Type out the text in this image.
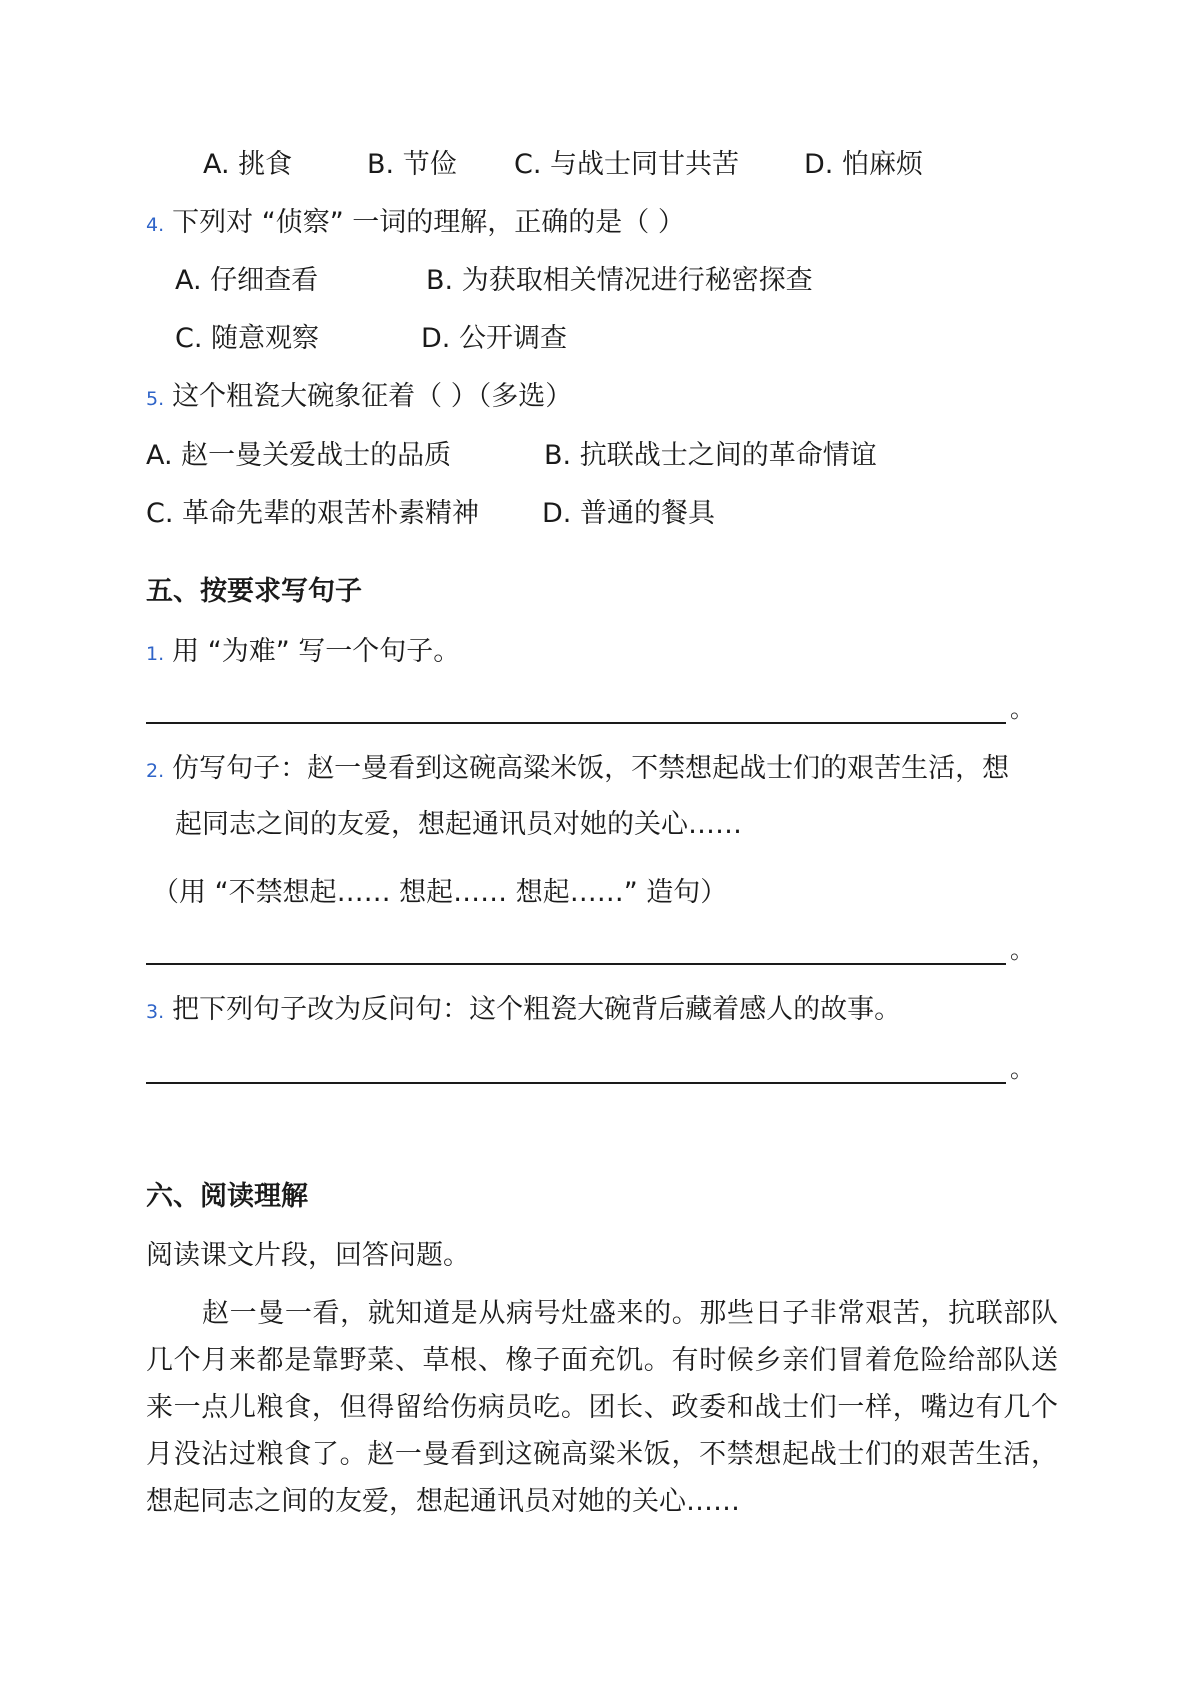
A. 挑食	B. 节俭 C. 与战士同甘共苦 D. 怕麻烦
4. 下列对 “侦察” 一词的理解，正确的是（ ）
A. 仔细查看	B. 为获取相关情况进行秘密探查
C. 随意观察	D. 公开调查
5. 这个粗瓷大碗象征着（ ）（多选）
A. 赵一曼关爱战士的品质	B. 抗联战士之间的革命情谊
C. 革命先辈的艰苦朴素精神 D. 普通的餐具
五、按要求写句子
1. 用 “为难” 写一个句子。
。
2. 仿写句子：赵一曼看到这碗高粱米饭，不禁想起战士们的艰苦生活，想
起同志之间的友爱，想起通讯员对她的关心……
（用 “不禁想起…… 想起…… 想起……” 造句）
。
3. 把下列句子改为反问句：这个粗瓷大碗背后藏着感人的故事。
。
六、阅读理解
阅读课文片段，回答问题。
赵一曼一看，就知道是从病号灶盛来的。那些日子非常艰苦，抗联部队几个月来都是靠野菜、草根、橡子面充饥。有时候乡亲们冒着危险给部队送来一点儿粮食，但得留给伤病员吃。团长、政委和战士们一样，嘴边有几个月没沾过粮食了。赵一曼看到这碗高粱米饭，不禁想起战士们的艰苦生活，想起同志之间的友爱，想起通讯员对她的关心……
